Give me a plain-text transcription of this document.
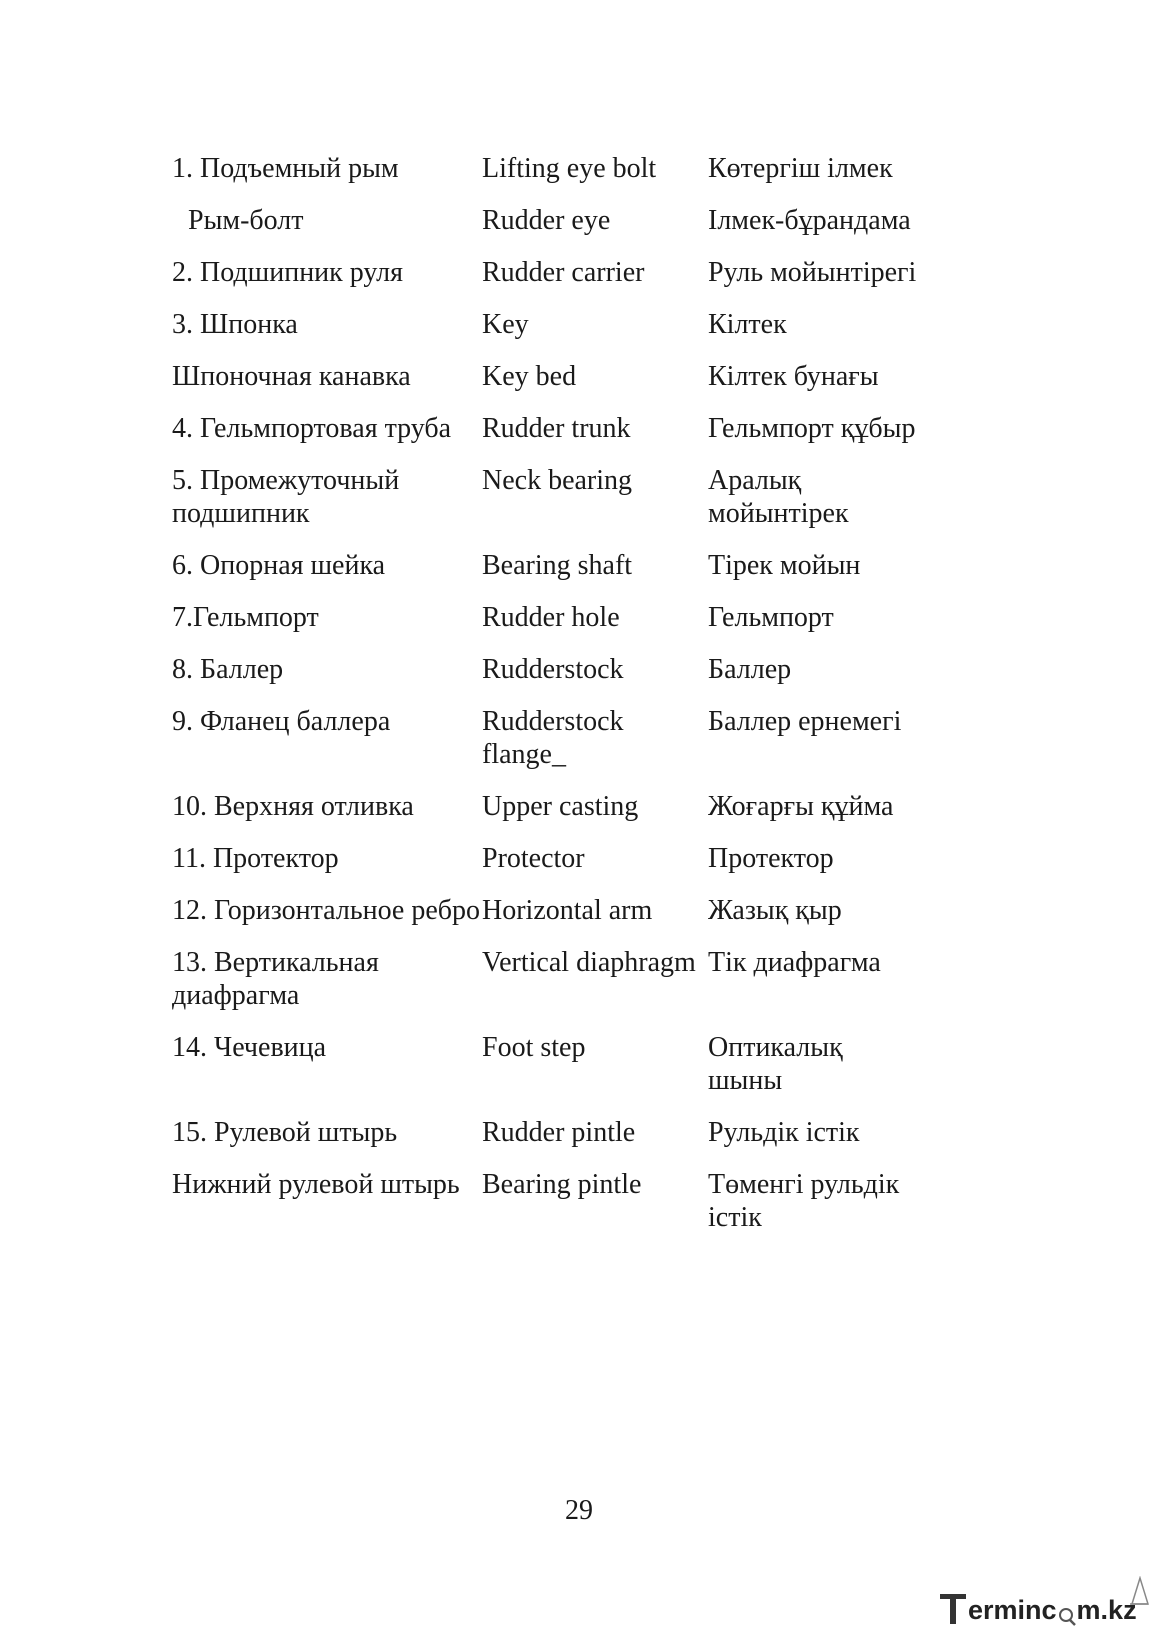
1. Подъемный рым	Lifting eye bolt	Көтергіш ілмек
Рым-болт	Rudder eye	Ілмек-бұрандама
2. Подшипник руля	Rudder carrier	Руль мойынтірегі
3. Шпонка	Key	Кілтек
Шпоночная канавка	Key bed	Кілтек бунағы
4. Гельмпортовая труба	Rudder trunk	Гельмпорт құбыр
5. Промежуточный подшипник	Neck bearing	Аралық мойынтірек
6. Опорная шейка	Bearing shaft	Тірек мойын
7.Гельмпорт	Rudder hole	Гельмпорт
8. Баллер	Rudderstock	Баллер
9. Фланец баллера	Rudderstock flange_	Баллер ернемегі
10. Верхняя отливка	Upper casting	Жоғарғы құйма
11. Протектор	Protector	Протектор
12. Горизонтальное ребро	Horizontal arm	Жазық қыр
13. Вертикальная диафрагма	Vertical diaphragm	Тік диафрагма
14. Чечевица	Foot step	Оптикалық шыны
15. Рулевой штырь	Rudder pintle	Рульдік істік
Нижний рулевой штырь	Bearing pintle	Төменгі рульдік істік
29
erminc m.kz
